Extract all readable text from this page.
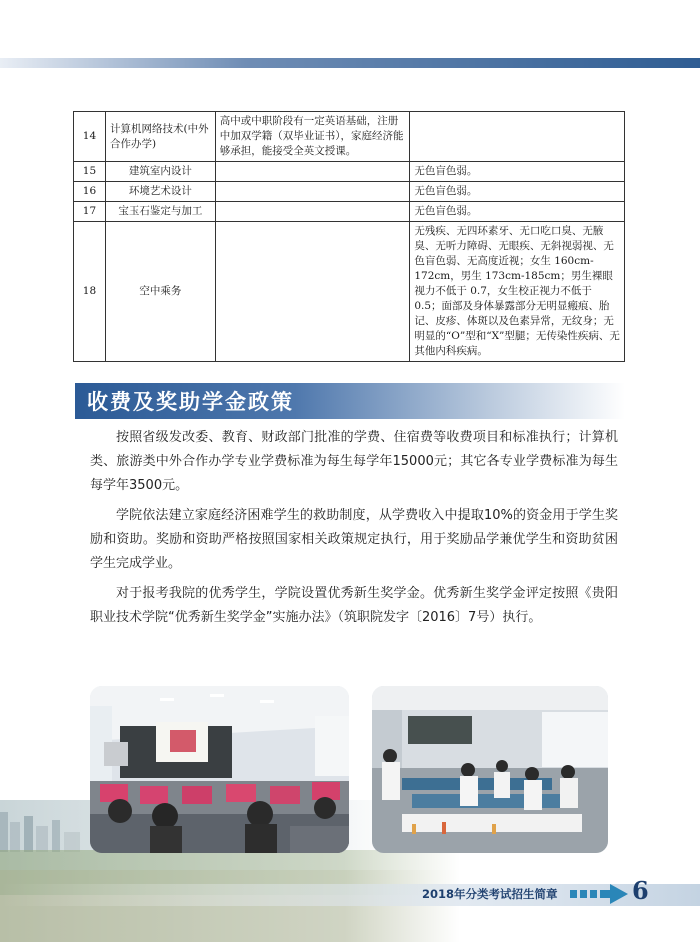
14	计算机网络技术(中外合作办学)	高中或中职阶段有一定英语基础，注册中加双学籍（双毕业证书），家庭经济能够承担，能接受全英文授课。	
15	建筑室内设计		无色盲色弱。
16	环境艺术设计		无色盲色弱。
17	宝玉石鉴定与加工		无色盲色弱。
18	空中乘务		无残疾、无四环素牙、无口吃口臭、无腋臭、无听力障碍、无眼疾、无斜视弱视、无色盲色弱、无高度近视；女生 160cm-172cm，男生 173cm-185cm；男生裸眼视力不低于 0.7，女生校正视力不低于 0.5；面部及身体暴露部分无明显瘢痕、胎记、皮疹、体斑以及色素异常，无纹身；无明显的“O”型和“X”型腿；无传染性疾病、无其他内科疾病。
收费及奖助学金政策

按照省级发改委、教育、财政部门批准的学费、住宿费等收费项目和标准执行；计算机类、旅游类中外合作办学专业学费标准为每生每学年15000元；其它各专业学费标准为每生每学年3500元。

学院依法建立家庭经济困难学生的救助制度，从学费收入中提取10%的资金用于学生奖励和资助。奖励和资助严格按照国家相关政策规定执行，用于奖励品学兼优学生和资助贫困学生完成学业。

对于报考我院的优秀学生，学院设置优秀新生奖学金。优秀新生奖学金评定按照《贵阳职业技术学院“优秀新生奖学金”实施办法》（筑职院发字〔2016〕7号）执行。

2018年分类考试招生简章	6
